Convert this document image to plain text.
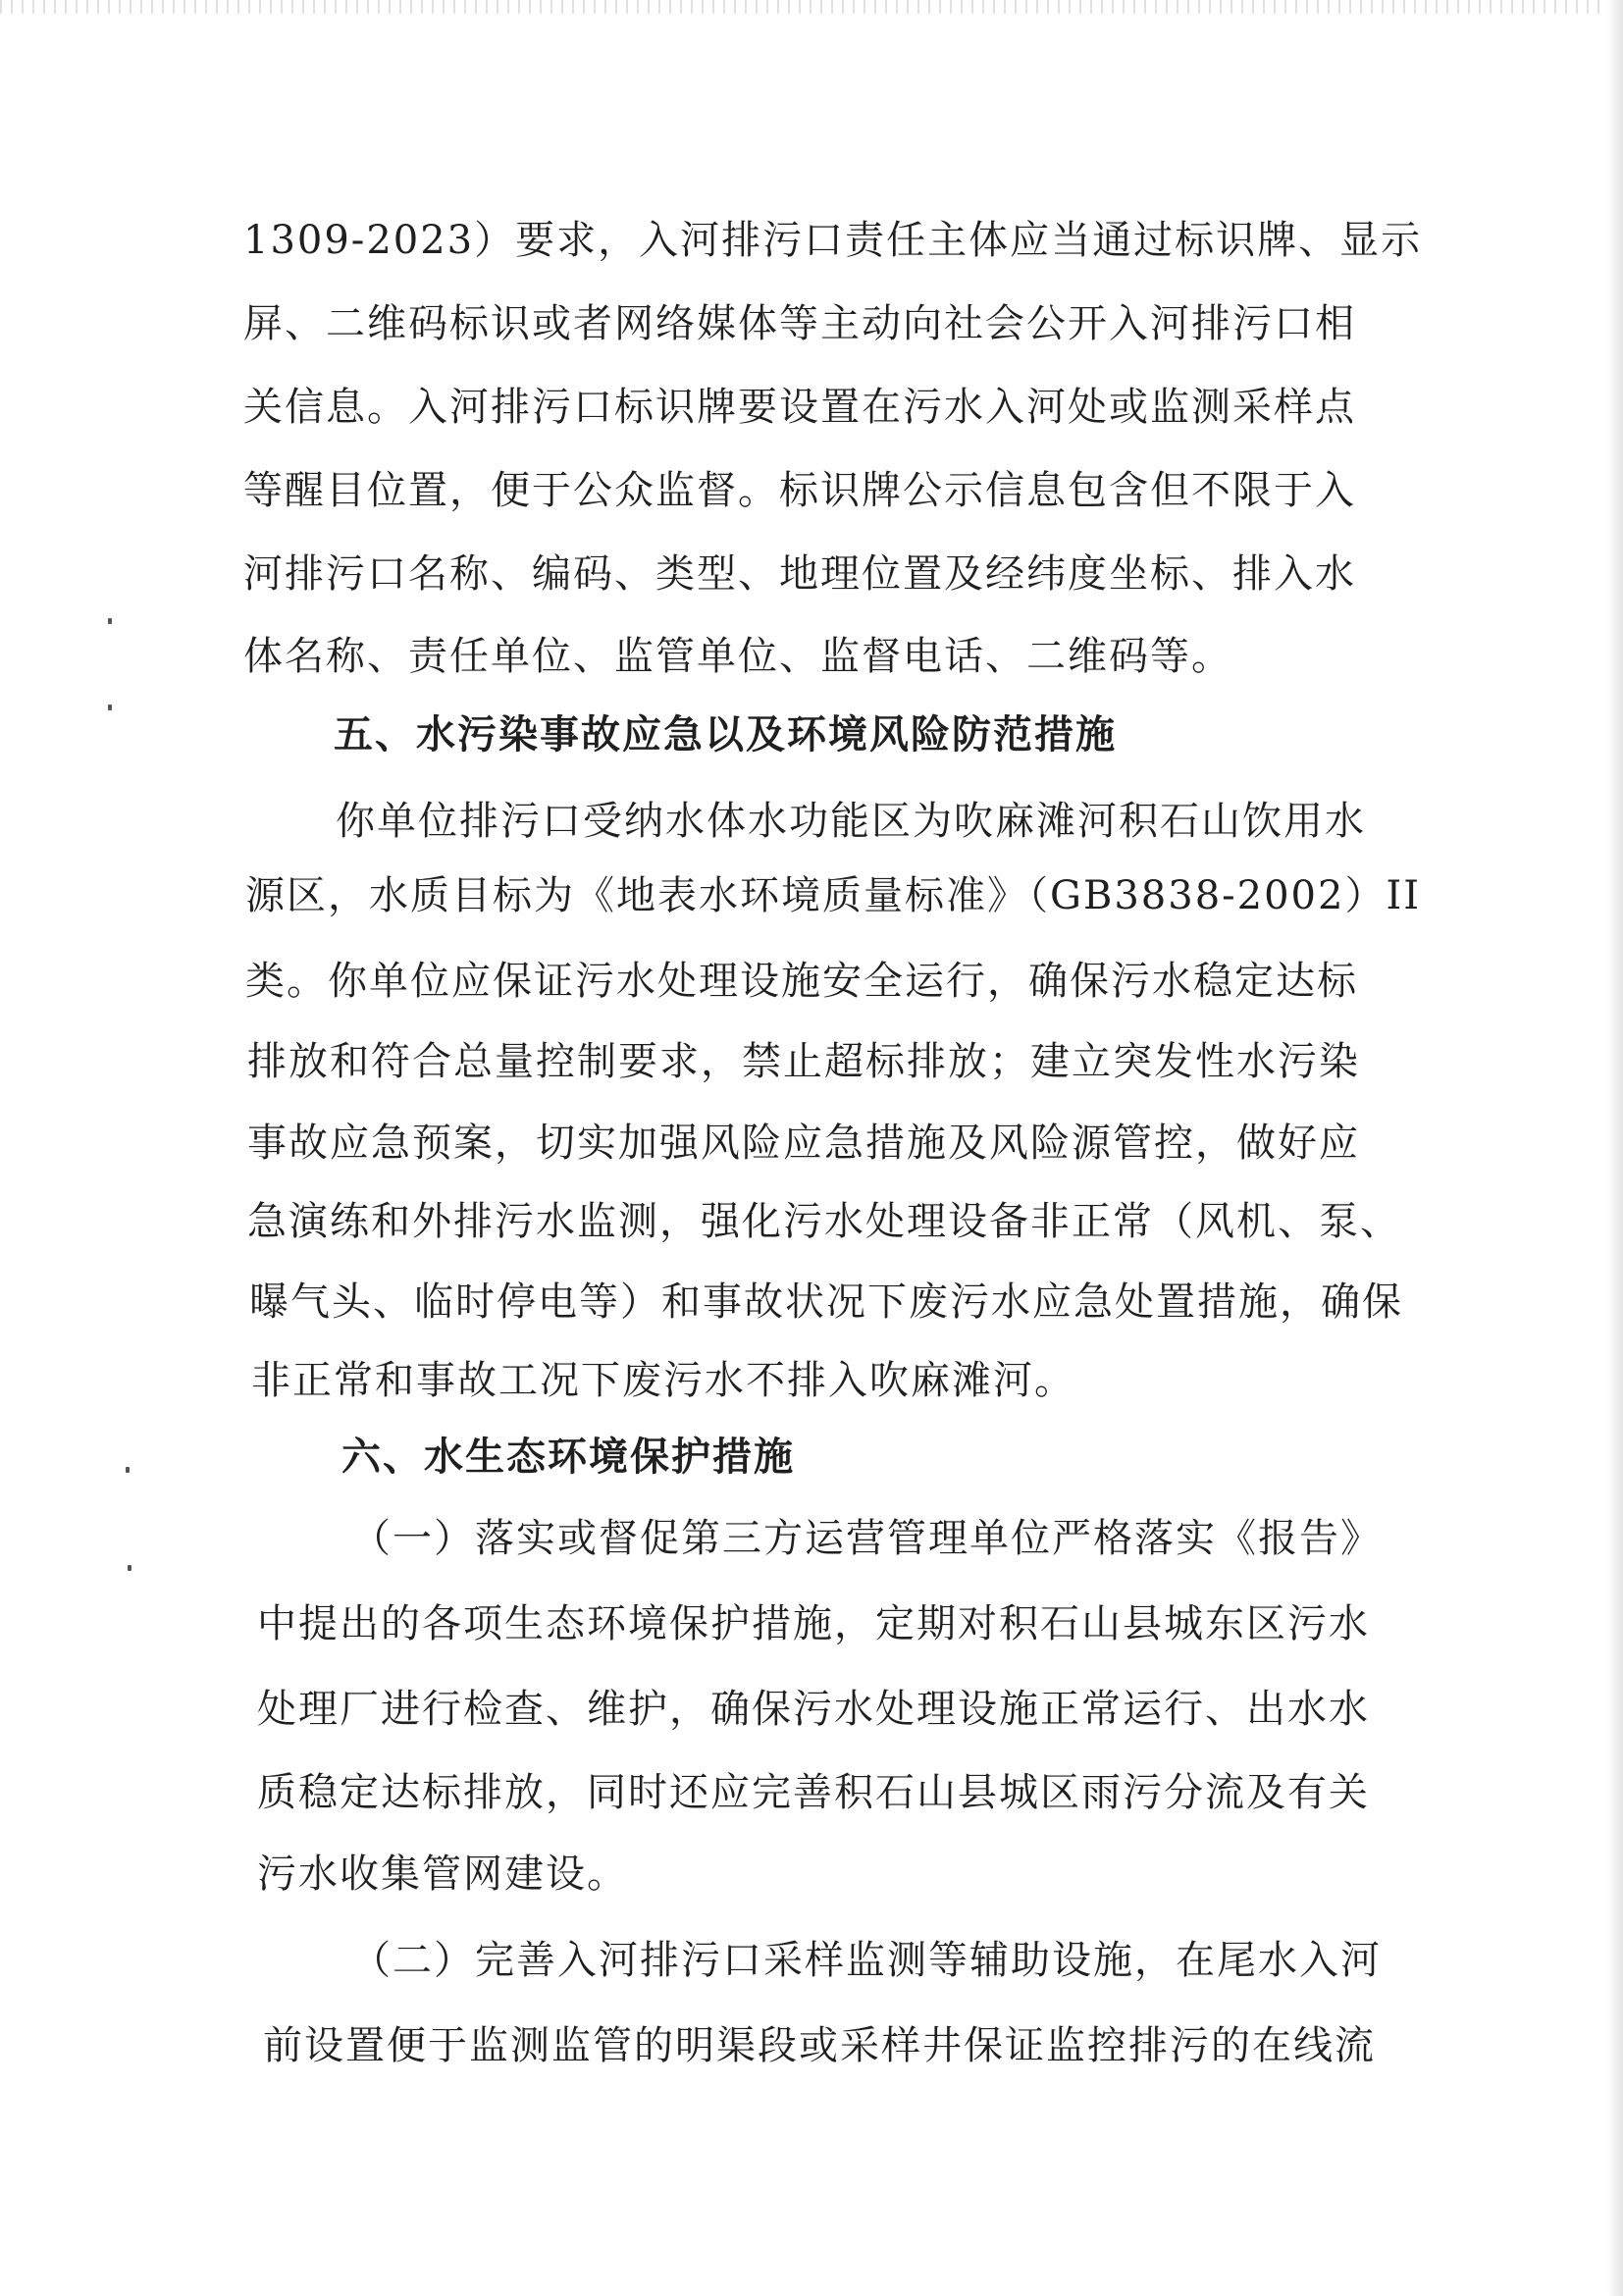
1309-2023）要求，入河排污口责任主体应当通过标识牌、显示

屏、二维码标识或者网络媒体等主动向社会公开入河排污口相

关信息。入河排污口标识牌要设置在污水入河处或监测采样点

等醒目位置，便于公众监督。标识牌公示信息包含但不限于入

河排污口名称、编码、类型、地理位置及经纬度坐标、排入水

体名称、责任单位、监管单位、监督电话、二维码等。

五、水污染事故应急以及环境风险防范措施

你单位排污口受纳水体水功能区为吹麻滩河积石山饮用水

源区，水质目标为《地表水环境质量标准》（GB3838-2002）II

类。你单位应保证污水处理设施安全运行，确保污水稳定达标

排放和符合总量控制要求，禁止超标排放；建立突发性水污染

事故应急预案，切实加强风险应急措施及风险源管控，做好应

急演练和外排污水监测，强化污水处理设备非正常（风机、泵、

曝气头、临时停电等）和事故状况下废污水应急处置措施，确保

非正常和事故工况下废污水不排入吹麻滩河。

六、水生态环境保护措施

（一）落实或督促第三方运营管理单位严格落实《报告》

中提出的各项生态环境保护措施，定期对积石山县城东区污水

处理厂进行检查、维护，确保污水处理设施正常运行、出水水

质稳定达标排放，同时还应完善积石山县城区雨污分流及有关

污水收集管网建设。

（二）完善入河排污口采样监测等辅助设施，在尾水入河

前设置便于监测监管的明渠段或采样井保证监控排污的在线流
